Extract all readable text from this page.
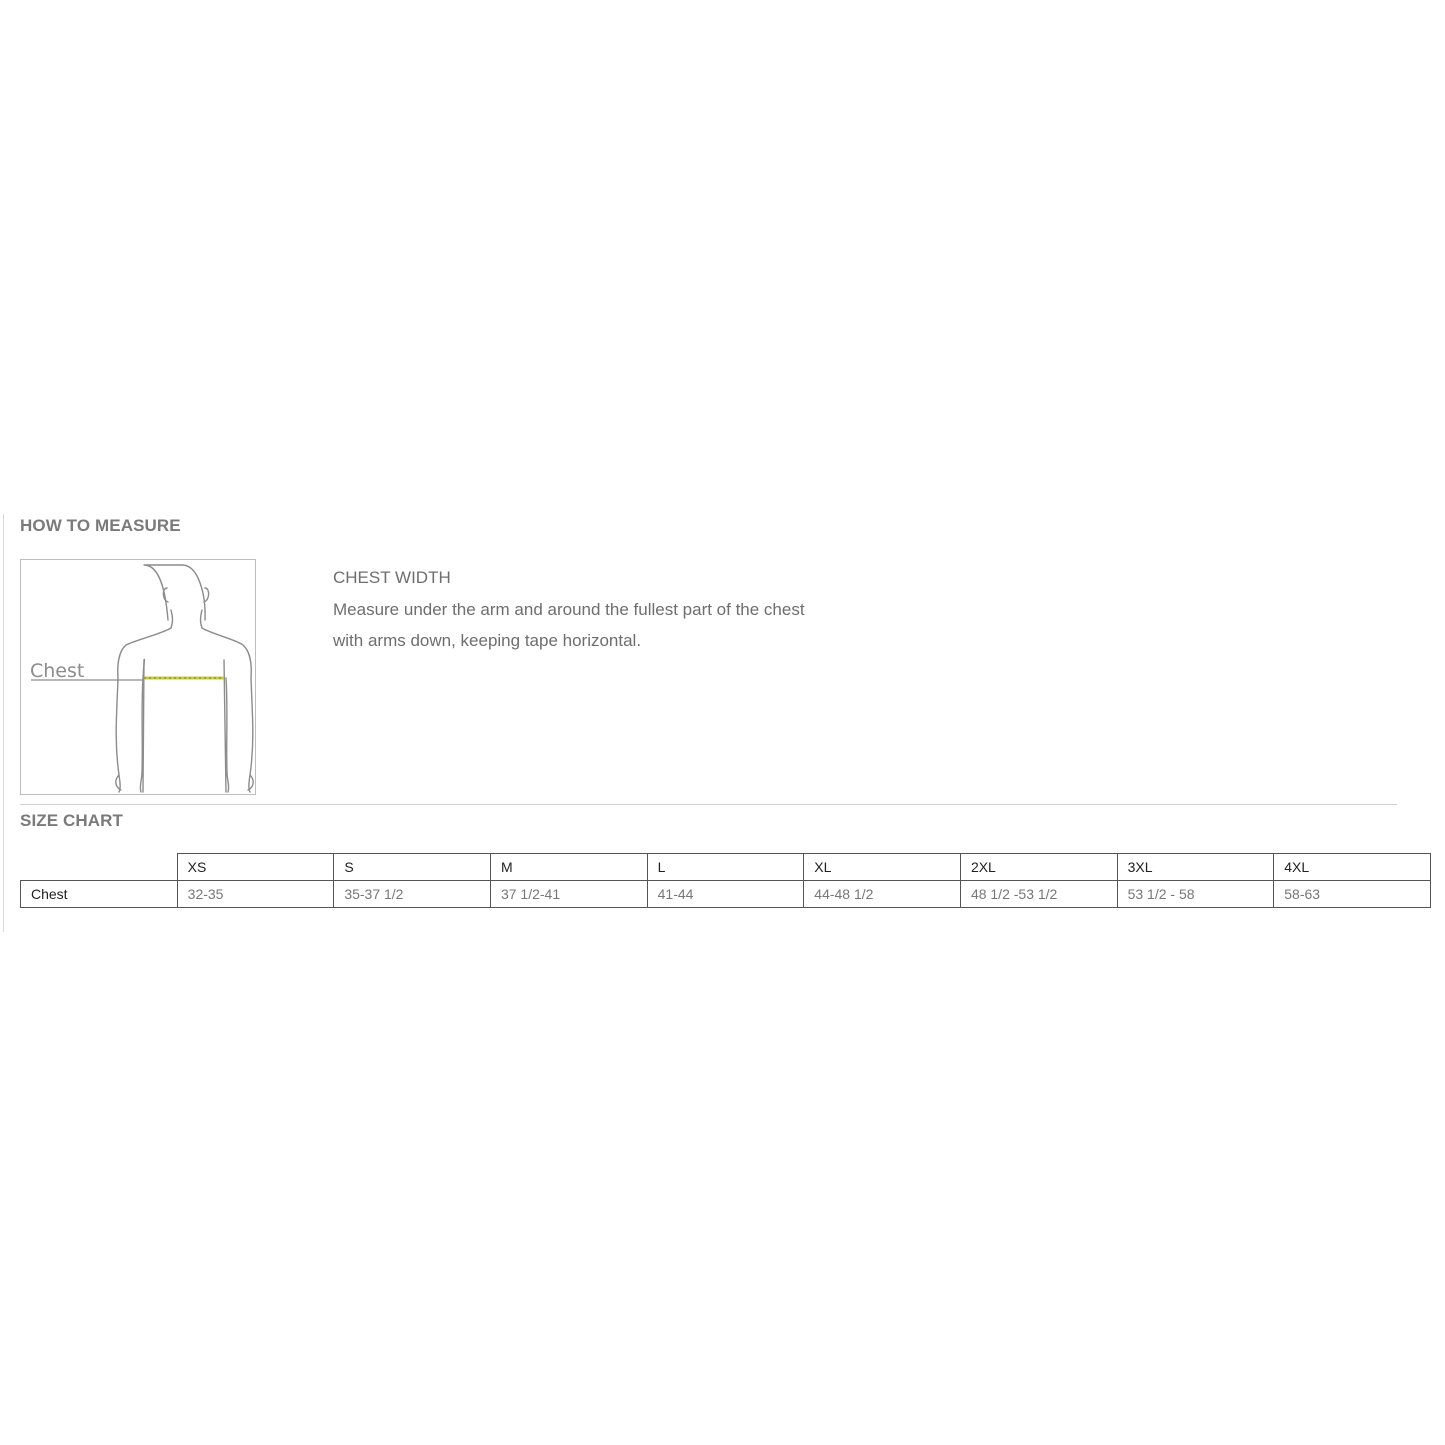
HOW TO MEASURE
Chest
CHEST WIDTH
Measure under the arm and around the fullest part of the chest
with arms down, keeping tape horizontal.
SIZE CHART
	XS	S	M	L	XL	2XL	3XL	4XL
Chest	32-35	35-37 1/2	37 1/2-41	41-44	44-48 1/2	48 1/2 -53 1/2	53 1/2 - 58	58-63
